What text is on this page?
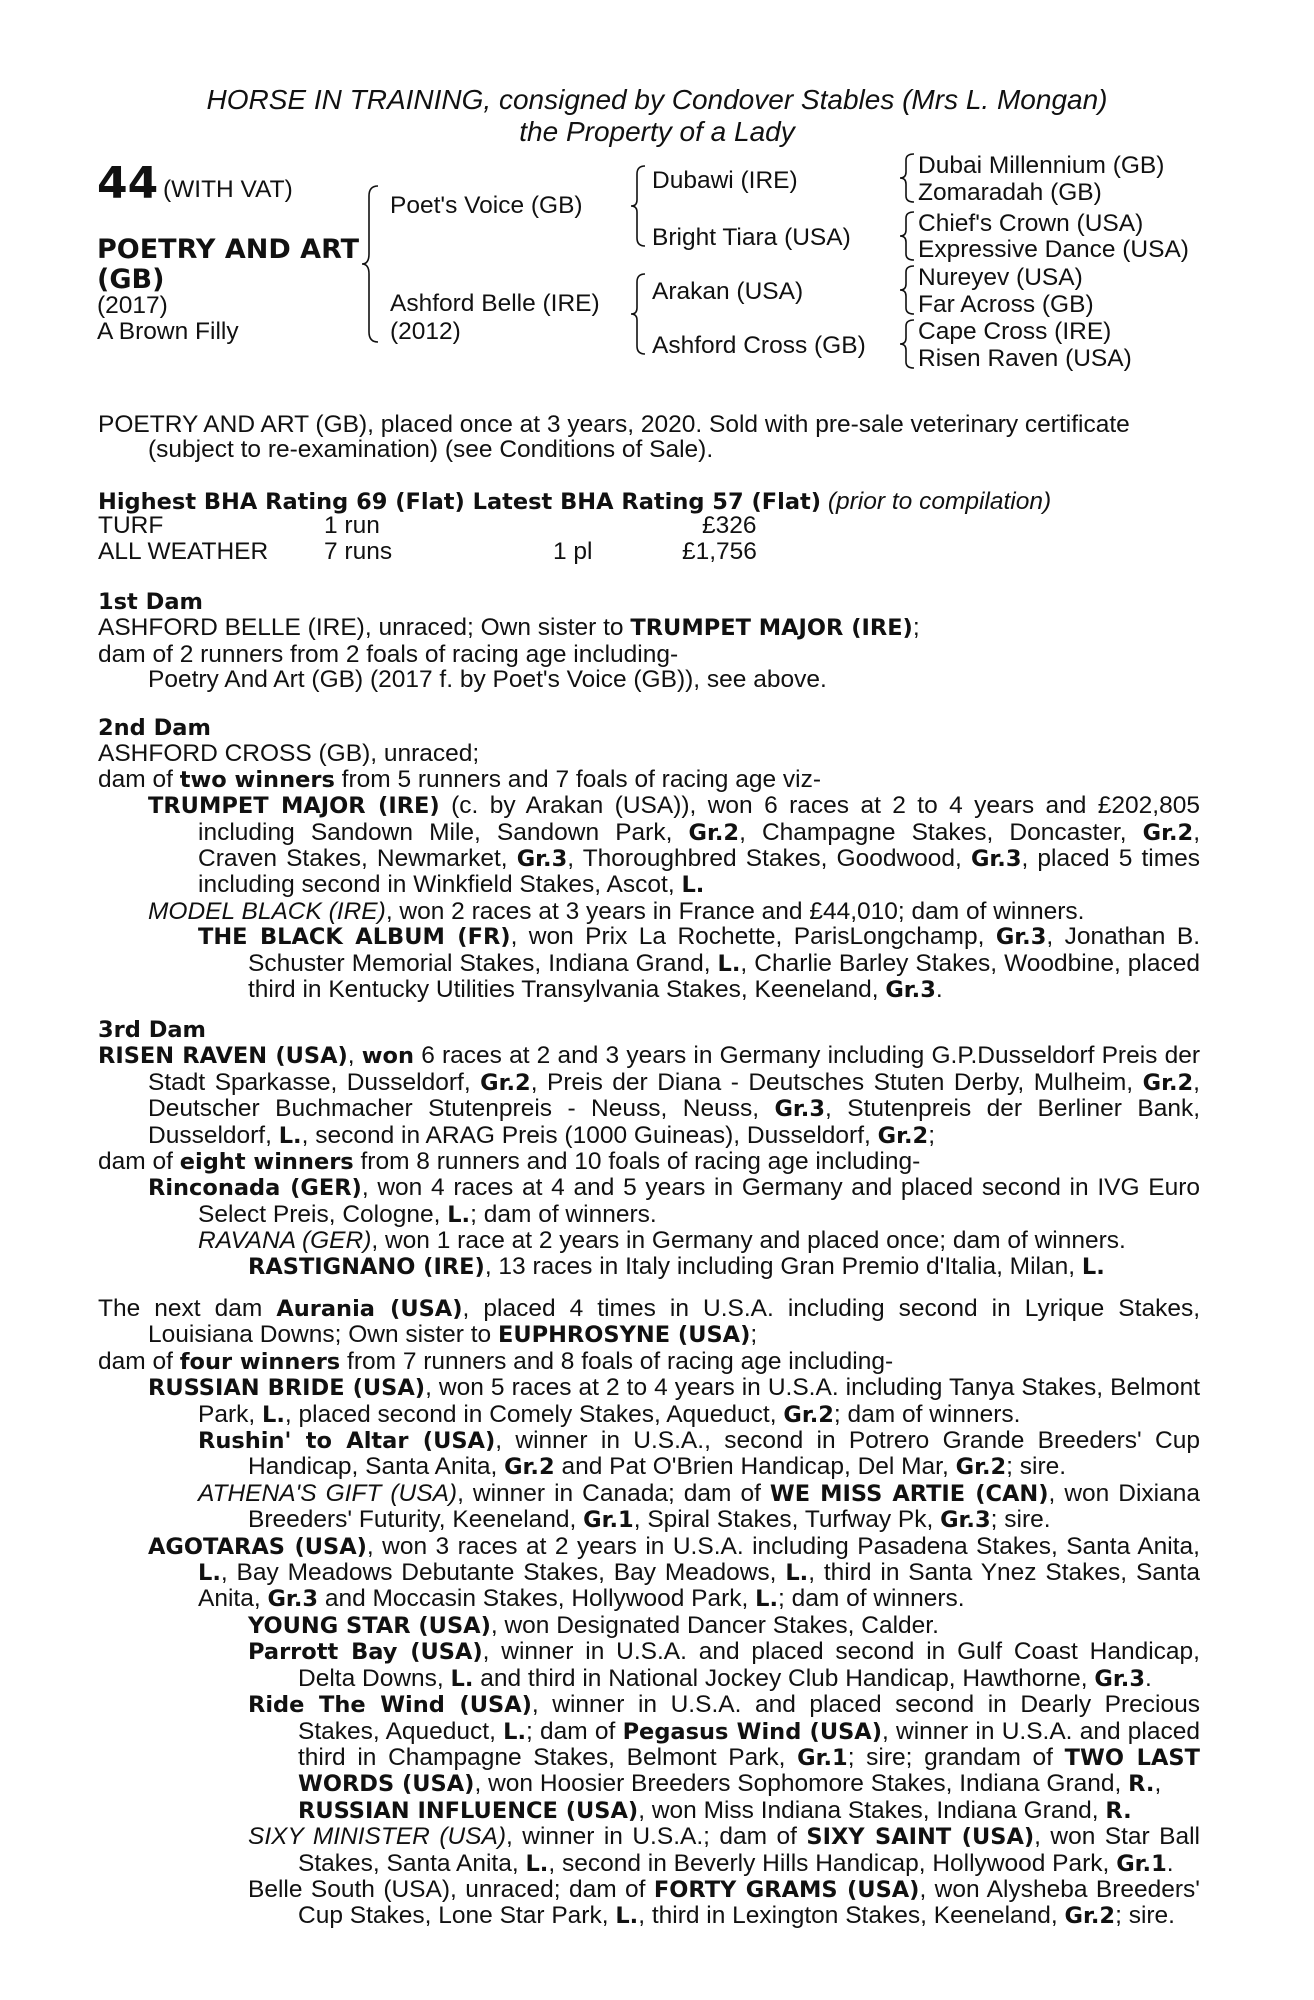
HORSE IN TRAINING, consigned by Condover Stables (Mrs L. Mongan)
the Property of a Lady
44 (WITH VAT)
POETRY AND ART
(GB)
(2017)
A Brown Filly
Poet's Voice (GB)
Ashford Belle (IRE)
(2012)
Dubawi (IRE)
Bright Tiara (USA)
Arakan (USA)
Ashford Cross (GB)
Dubai Millennium (GB)
Zomaradah (GB)
Chief's Crown (USA)
Expressive Dance (USA)
Nureyev (USA)
Far Across (GB)
Cape Cross (IRE)
Risen Raven (USA)

POETRY AND ART (GB), placed once at 3 years, 2020. Sold with pre-sale veterinary certificate

(subject to re-examination) (see Conditions of Sale).

Highest BHA Rating 69 (Flat) Latest BHA Rating 57 (Flat) (prior to compilation)
TURF	1 run	£326
ALL WEATHER 7 runs	1 pl	£1,756

1st Dam

ASHFORD BELLE (IRE), unraced; Own sister to TRUMPET MAJOR (IRE);

dam of 2 runners from 2 foals of racing age including-

Poetry And Art (GB) (2017 f. by Poet's Voice (GB)), see above.

2nd Dam

ASHFORD CROSS (GB), unraced;

dam of two winners from 5 runners and 7 foals of racing age viz-

TRUMPET MAJOR (IRE) (c. by Arakan (USA)), won 6 races at 2 to 4 years and £202,805 including Sandown Mile, Sandown Park, Gr.2, Champagne Stakes, Doncaster, Gr.2, Craven Stakes, Newmarket, Gr.3, Thoroughbred Stakes, Goodwood, Gr.3, placed 5 times including second in Winkfield Stakes, Ascot, L.

MODEL BLACK (IRE), won 2 races at 3 years in France and £44,010; dam of winners.

THE BLACK ALBUM (FR), won Prix La Rochette, ParisLongchamp, Gr.3, Jonathan B. Schuster Memorial Stakes, Indiana Grand, L., Charlie Barley Stakes, Woodbine, placed third in Kentucky Utilities Transylvania Stakes, Keeneland, Gr.3.

3rd Dam

RISEN RAVEN (USA), won 6 races at 2 and 3 years in Germany including G.P.Dusseldorf Preis der Stadt Sparkasse, Dusseldorf, Gr.2, Preis der Diana - Deutsches Stuten Derby, Mulheim, Gr.2, Deutscher Buchmacher Stutenpreis - Neuss, Neuss, Gr.3, Stutenpreis der Berliner Bank, Dusseldorf, L., second in ARAG Preis (1000 Guineas), Dusseldorf, Gr.2;

dam of eight winners from 8 runners and 10 foals of racing age including-

Rinconada (GER), won 4 races at 4 and 5 years in Germany and placed second in IVG Euro Select Preis, Cologne, L.; dam of winners.

RAVANA (GER), won 1 race at 2 years in Germany and placed once; dam of winners.

RASTIGNANO (IRE), 13 races in Italy including Gran Premio d'Italia, Milan, L.

The next dam Aurania (USA), placed 4 times in U.S.A. including second in Lyrique Stakes, Louisiana Downs; Own sister to EUPHROSYNE (USA);

dam of four winners from 7 runners and 8 foals of racing age including-

RUSSIAN BRIDE (USA), won 5 races at 2 to 4 years in U.S.A. including Tanya Stakes, Belmont Park, L., placed second in Comely Stakes, Aqueduct, Gr.2; dam of winners.

Rushin' to Altar (USA), winner in U.S.A., second in Potrero Grande Breeders' Cup Handicap, Santa Anita, Gr.2 and Pat O'Brien Handicap, Del Mar, Gr.2; sire.

ATHENA'S GIFT (USA), winner in Canada; dam of WE MISS ARTIE (CAN), won Dixiana Breeders' Futurity, Keeneland, Gr.1, Spiral Stakes, Turfway Pk, Gr.3; sire.

AGOTARAS (USA), won 3 races at 2 years in U.S.A. including Pasadena Stakes, Santa Anita, L., Bay Meadows Debutante Stakes, Bay Meadows, L., third in Santa Ynez Stakes, Santa Anita, Gr.3 and Moccasin Stakes, Hollywood Park, L.; dam of winners.

YOUNG STAR (USA), won Designated Dancer Stakes, Calder.

Parrott Bay (USA), winner in U.S.A. and placed second in Gulf Coast Handicap, Delta Downs, L. and third in National Jockey Club Handicap, Hawthorne, Gr.3.

Ride The Wind (USA), winner in U.S.A. and placed second in Dearly Precious Stakes, Aqueduct, L.; dam of Pegasus Wind (USA), winner in U.S.A. and placed third in Champagne Stakes, Belmont Park, Gr.1; sire; grandam of TWO LAST WORDS (USA), won Hoosier Breeders Sophomore Stakes, Indiana Grand, R.,
RUSSIAN INFLUENCE (USA), won Miss Indiana Stakes, Indiana Grand, R.

SIXY MINISTER (USA), winner in U.S.A.; dam of SIXY SAINT (USA), won Star Ball Stakes, Santa Anita, L., second in Beverly Hills Handicap, Hollywood Park, Gr.1.

Belle South (USA), unraced; dam of FORTY GRAMS (USA), won Alysheba Breeders' Cup Stakes, Lone Star Park, L., third in Lexington Stakes, Keeneland, Gr.2; sire.
